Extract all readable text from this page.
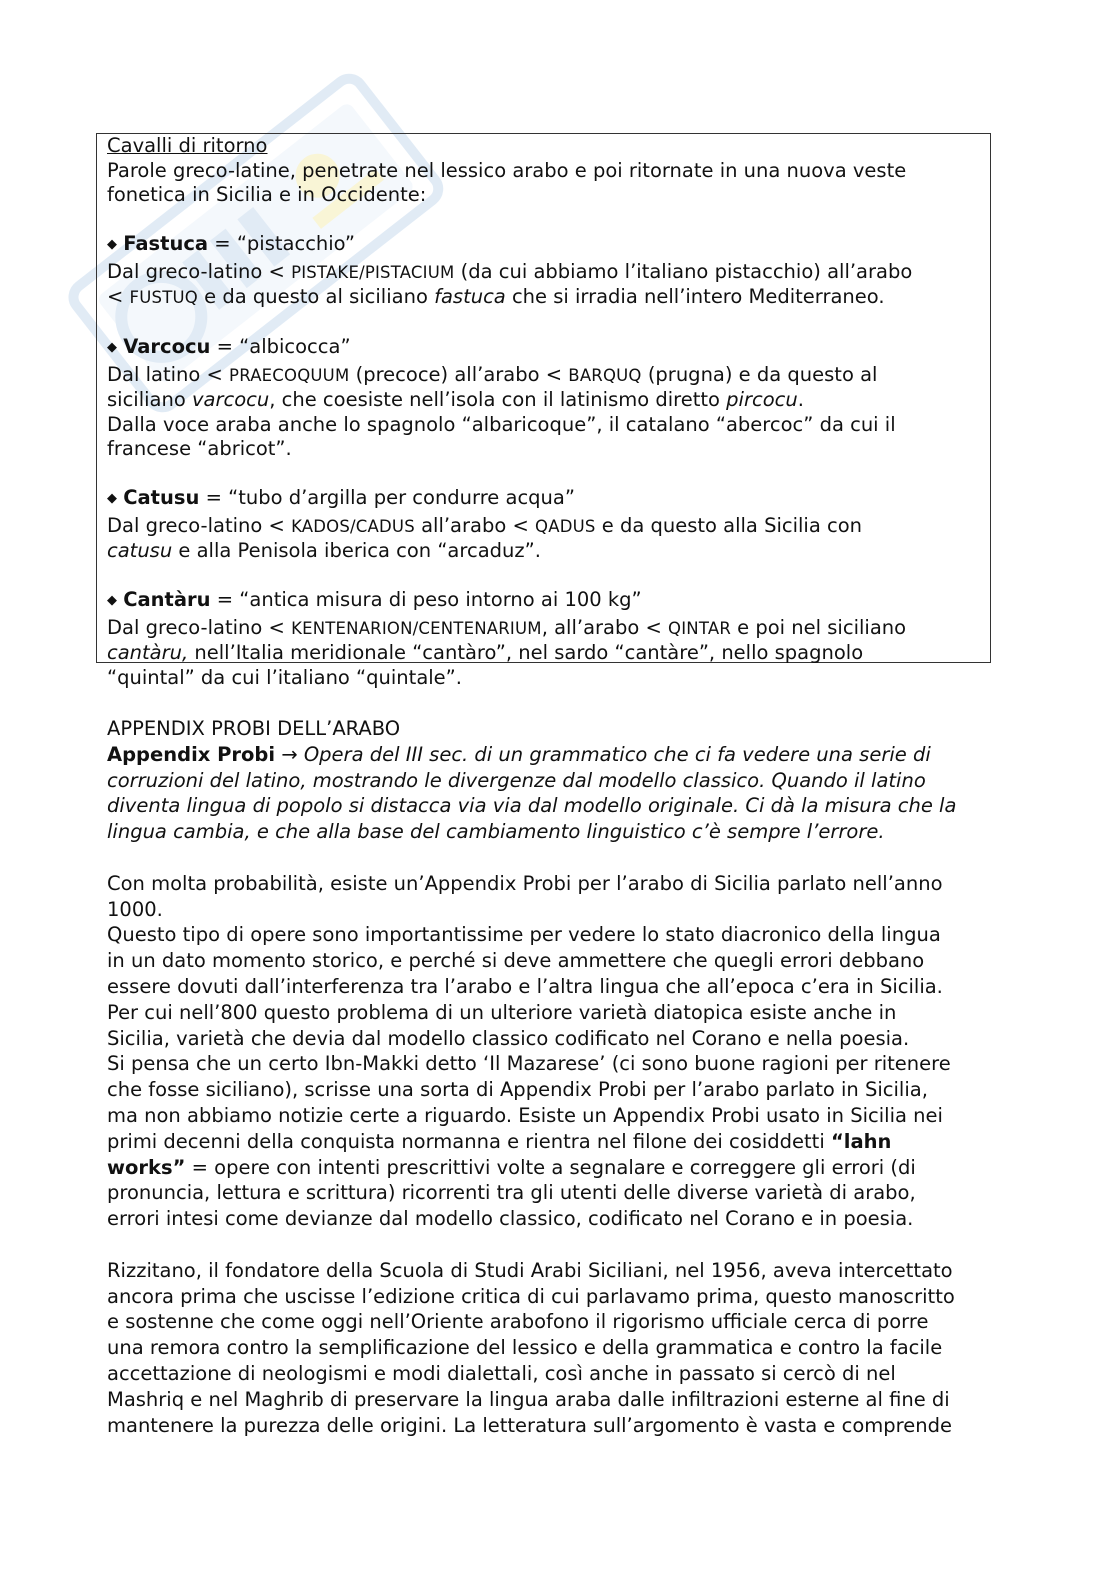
Cavalli di ritorno

Parole greco-latine, penetrate nel lessico arabo e poi ritornate in una nuova veste fonetica in Sicilia e in Occidente:

◆ Fastuca = “pistacchio”

Dal greco-latino < PISTAKE/PISTACIUM (da cui abbiamo l’italiano pistacchio) all’arabo

< FUSTUQ e da questo al siciliano fastuca che si irradia nell’intero Mediterraneo.

◆ Varcocu = “albicocca”

Dal latino < PRAECOQUUM (precoce) all’arabo < BARQUQ (prugna) e da questo al

siciliano varcocu, che coesiste nell’isola con il latinismo diretto pircocu.

Dalla voce araba anche lo spagnolo “albaricoque”, il catalano “abercoc” da cui il

francese “abricot”.

◆ Catusu = “tubo d’argilla per condurre acqua”

Dal greco-latino < KADOS/CADUS all’arabo < QADUS e da questo alla Sicilia con

catusu e alla Penisola iberica con “arcaduz”.

◆ Cantàru = “antica misura di peso intorno ai 100 kg”

Dal greco-latino < KENTENARION/CENTENARIUM, all’arabo < QINTAR e poi nel siciliano

cantàru, nell’Italia meridionale “cantàro”, nel sardo “cantàre”, nello spagnolo

“quintal” da cui l’italiano “quintale”.

APPENDIX PROBI DELL’ARABO

Appendix Probi → Opera del III sec. di un grammatico che ci fa vedere una serie di

corruzioni del latino, mostrando le divergenze dal modello classico. Quando il latino

diventa lingua di popolo si distacca via via dal modello originale. Ci dà la misura che la

lingua cambia, e che alla base del cambiamento linguistico c’è sempre l’errore.

Con molta probabilità, esiste un’Appendix Probi per l’arabo di Sicilia parlato nell’anno

1000.

Questo tipo di opere sono importantissime per vedere lo stato diacronico della lingua

in un dato momento storico, e perché si deve ammettere che quegli errori debbano

essere dovuti dall’interferenza tra l’arabo e l’altra lingua che all’epoca c’era in Sicilia.

Per cui nell’800 questo problema di un ulteriore varietà diatopica esiste anche in

Sicilia, varietà che devia dal modello classico codificato nel Corano e nella poesia.

Si pensa che un certo Ibn-Makki detto ‘Il Mazarese’ (ci sono buone ragioni per ritenere

che fosse siciliano), scrisse una sorta di Appendix Probi per l’arabo parlato in Sicilia,

ma non abbiamo notizie certe a riguardo. Esiste un Appendix Probi usato in Sicilia nei

primi decenni della conquista normanna e rientra nel filone dei cosiddetti “lahn

works” = opere con intenti prescrittivi volte a segnalare e correggere gli errori (di

pronuncia, lettura e scrittura) ricorrenti tra gli utenti delle diverse varietà di arabo,

errori intesi come devianze dal modello classico, codificato nel Corano e in poesia.

Rizzitano, il fondatore della Scuola di Studi Arabi Siciliani, nel 1956, aveva intercettato

ancora prima che uscisse l’edizione critica di cui parlavamo prima, questo manoscritto

e sostenne che come oggi nell’Oriente arabofono il rigorismo ufficiale cerca di porre

una remora contro la semplificazione del lessico e della grammatica e contro la facile

accettazione di neologismi e modi dialettali, così anche in passato si cercò di nel

Mashriq e nel Maghrib di preservare la lingua araba dalle infiltrazioni esterne al fine di

mantenere la purezza delle origini. La letteratura sull’argomento è vasta e comprende
